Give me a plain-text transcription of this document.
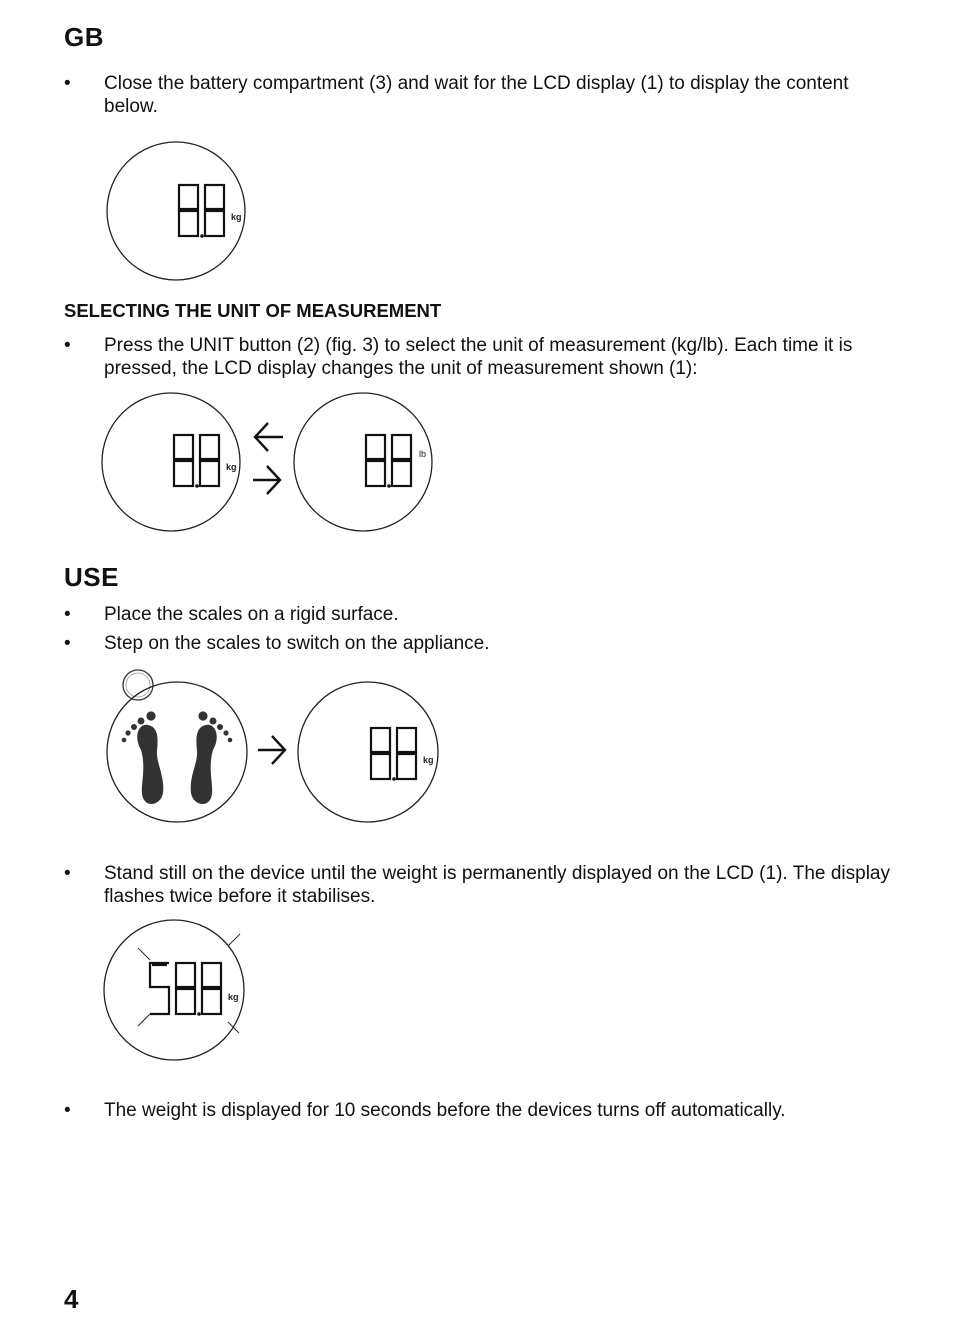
GB
• Close the battery compartment (3) and wait for the LCD display (1) to display the content below.
kg
SELECTING THE UNIT OF MEASUREMENT
• Press the UNIT button (2) (fig. 3) to select the unit of measurement (kg/lb). Each time it is pressed, the LCD display changes the unit of measurement shown (1):
kg
lb
USE
• Place the scales on a rigid surface.
• Step on the scales to switch on the appliance.
kg
• Stand still on the device until the weight is permanently displayed on the LCD (1). The display flashes twice before it stabilises.
kg
• The weight is displayed for 10 seconds before the devices turns off automatically.
4
